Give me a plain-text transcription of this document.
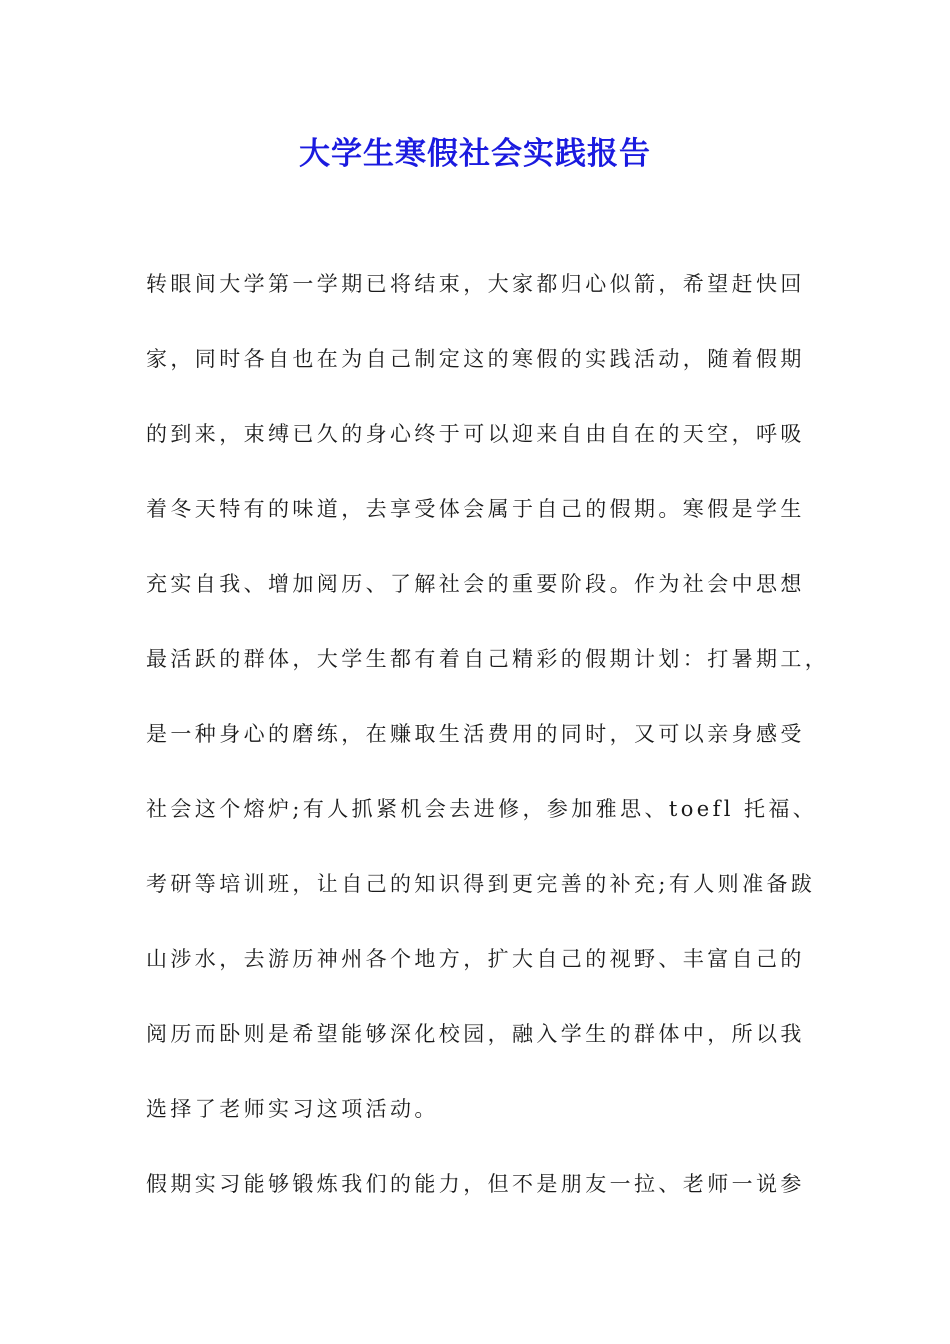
大学生寒假社会实践报告
转眼间大学第一学期已将结束，大家都归心似箭，希望赶快回
家，同时各自也在为自己制定这的寒假的实践活动，随着假期
的到来，束缚已久的身心终于可以迎来自由自在的天空，呼吸
着冬天特有的味道，去享受体会属于自己的假期。寒假是学生
充实自我、增加阅历、了解社会的重要阶段。作为社会中思想
最活跃的群体，大学生都有着自己精彩的假期计划：打暑期工，
是一种身心的磨练，在赚取生活费用的同时，又可以亲身感受
社会这个熔炉;有人抓紧机会去进修，参加雅思、toefl 托福、
考研等培训班，让自己的知识得到更完善的补充;有人则准备跋
山涉水，去游历神州各个地方，扩大自己的视野、丰富自己的
阅历而卧则是希望能够深化校园，融入学生的群体中，所以我
选择了老师实习这项活动。
假期实习能够锻炼我们的能力，但不是朋友一拉、老师一说参
